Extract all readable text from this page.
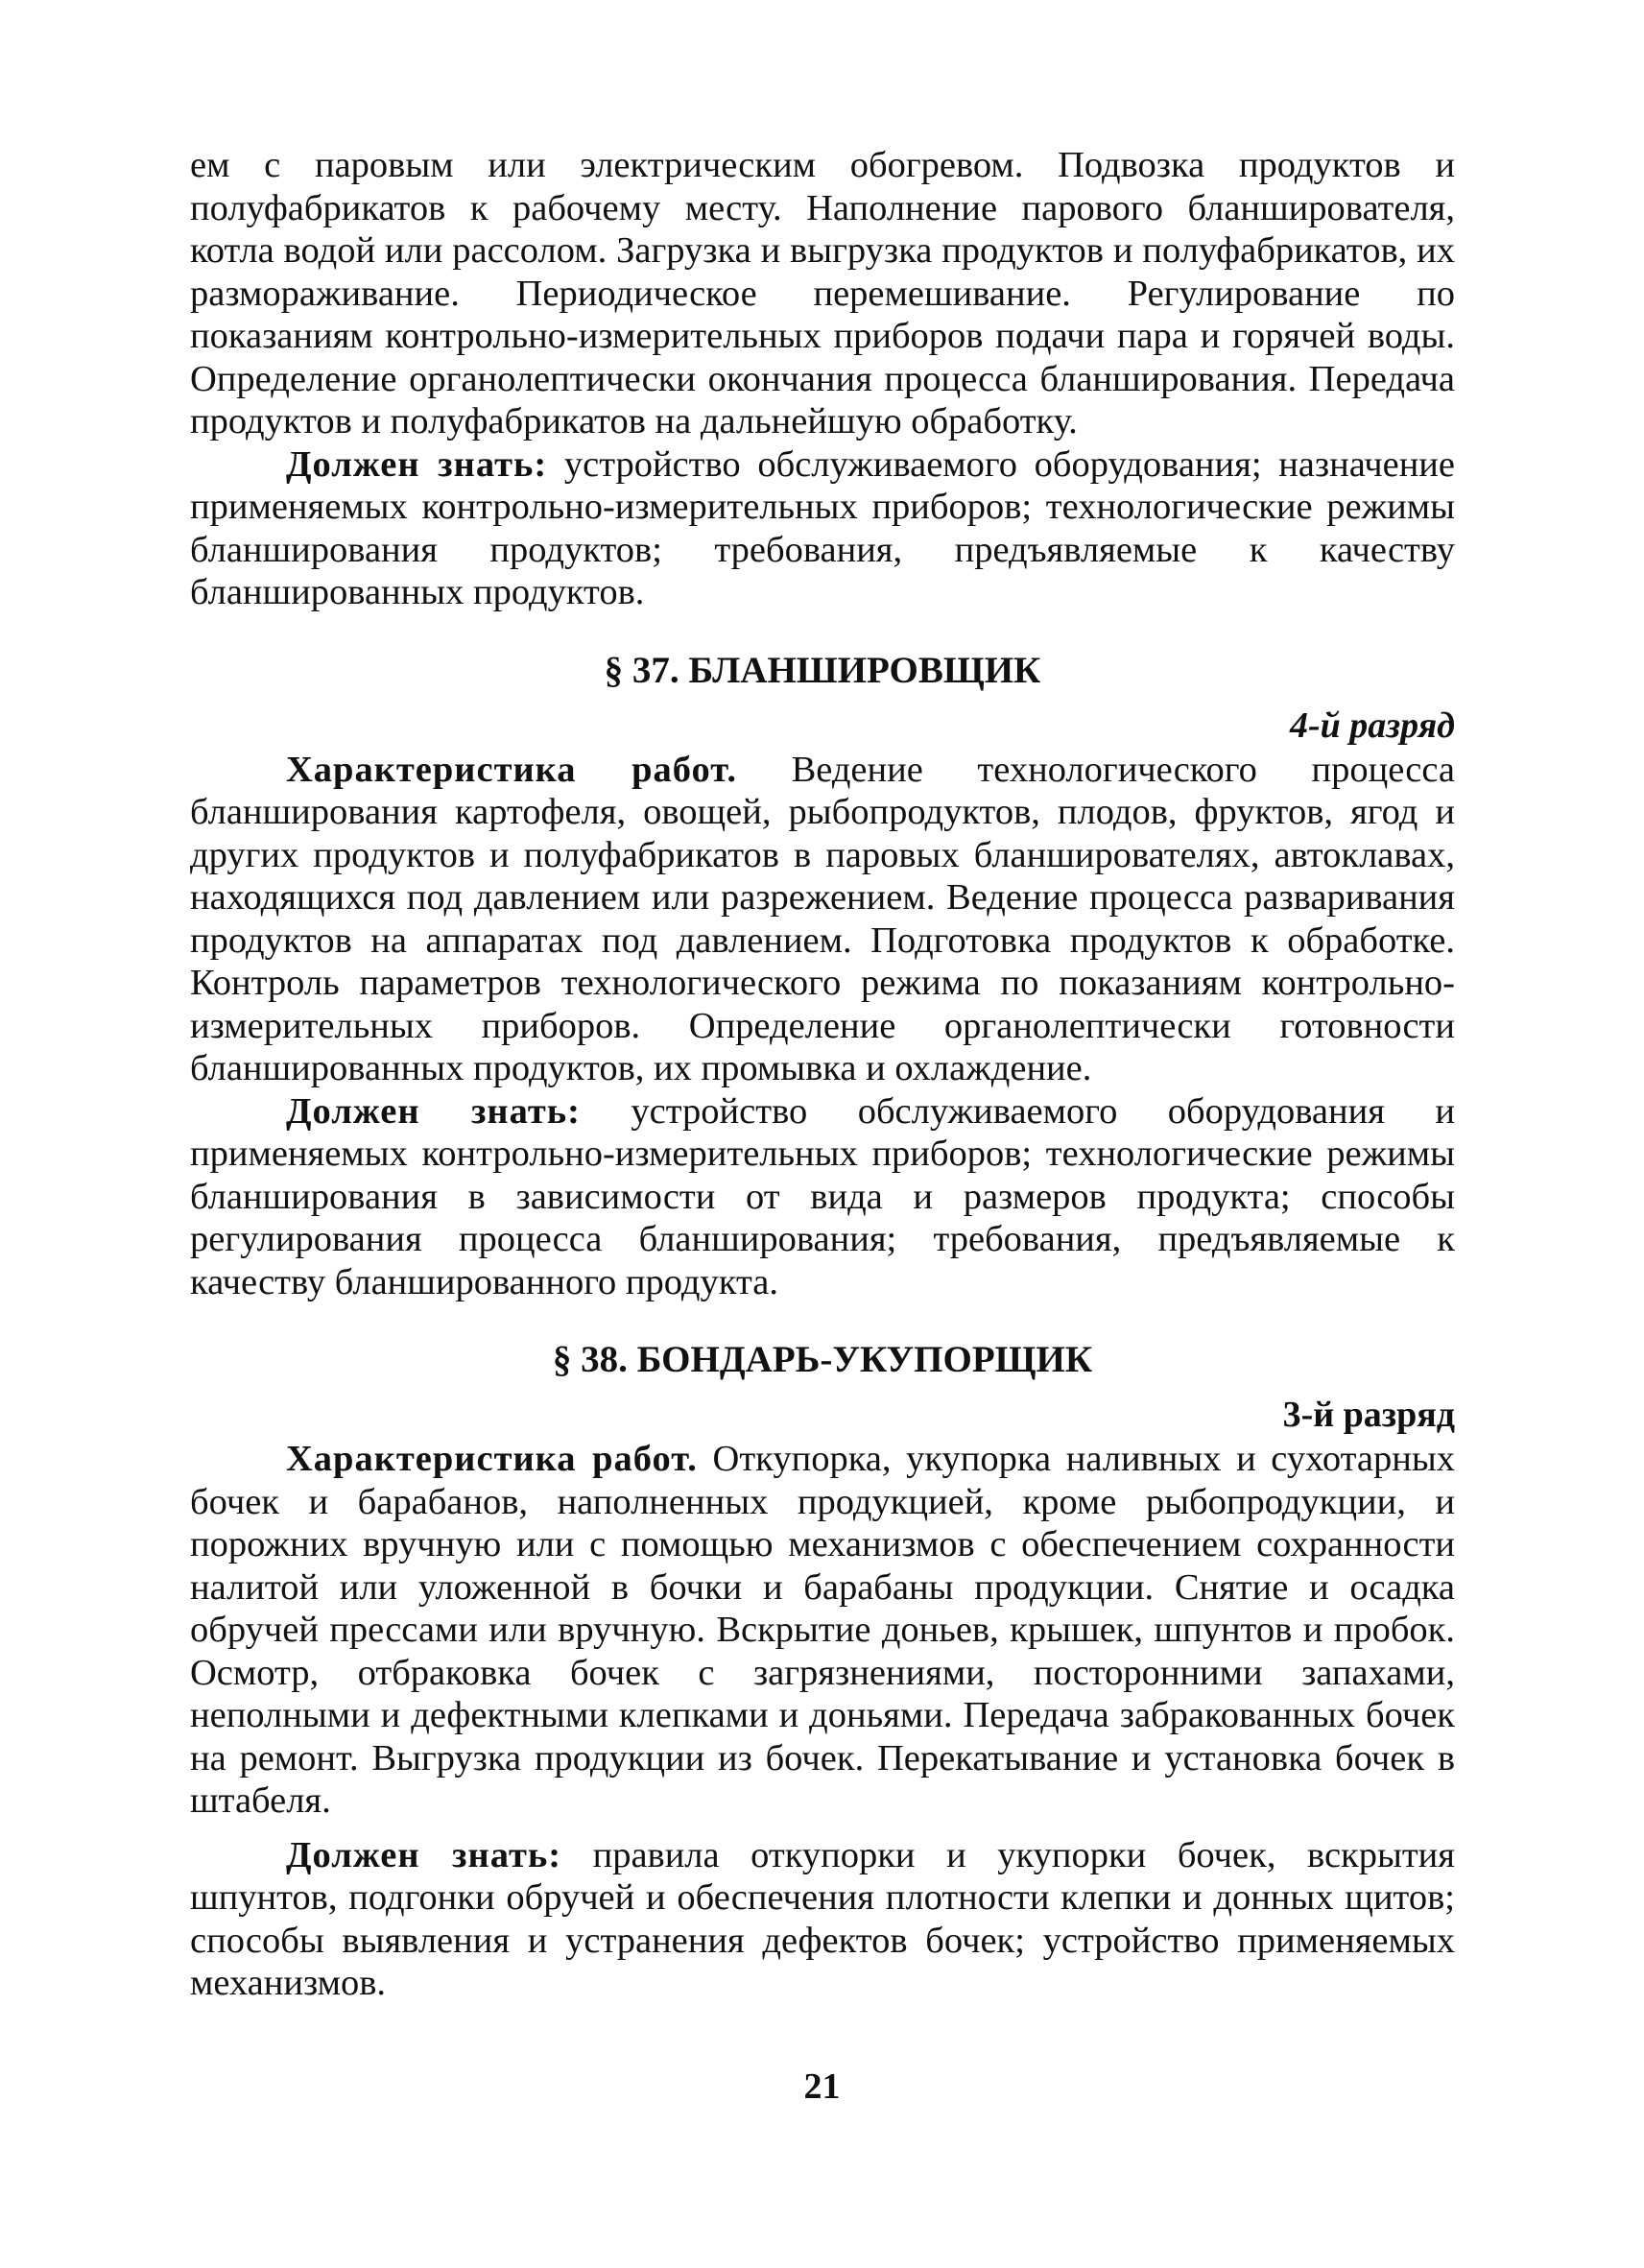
ем с паровым или электрическим обогревом. Подвозка продуктов и полуфабрикатов к рабочему месту. Наполнение парового бланширователя, котла водой или рассолом. Загрузка и выгрузка продуктов и полуфабрикатов, их размораживание. Периодическое перемешивание. Регулирование по показаниям контрольно-измерительных приборов подачи пара и горячей воды. Определение органолептически окончания процесса бланширования. Передача продуктов и полуфабрикатов на дальнейшую обработку.

Должен знать: устройство обслуживаемого оборудования; назначение применяемых контрольно-измерительных приборов; технологические режимы бланширования продуктов; требования, предъявляемые к качеству бланшированных продуктов.

§ 37. БЛАНШИРОВЩИК
4-й разряд

Характеристика работ. Ведение технологического процесса бланширования картофеля, овощей, рыбопродуктов, плодов, фруктов, ягод и других продуктов и полуфабрикатов в паровых бланширователях, автоклавах, находящихся под давлением или разрежением. Ведение процесса разваривания продуктов на аппаратах под давлением. Подготовка продуктов к обработке. Контроль параметров технологического режима по показаниям контрольно-измерительных приборов. Определение органолептически готовности бланшированных продуктов, их промывка и охлаждение.

Должен знать: устройство обслуживаемого оборудования и применяемых контрольно-измерительных приборов; технологические режимы бланширования в зависимости от вида и размеров продукта; способы регулирования процесса бланширования; требования, предъявляемые к качеству бланшированного продукта.

§ 38. БОНДАРЬ-УКУПОРЩИК
3-й разряд

Характеристика работ. Откупорка, укупорка наливных и сухотарных бочек и барабанов, наполненных продукцией, кроме рыбопродукции, и порожних вручную или с помощью механизмов с обеспечением сохранности налитой или уложенной в бочки и барабаны продукции. Снятие и осадка обручей прессами или вручную. Вскрытие доньев, крышек, шпунтов и пробок. Осмотр, отбраковка бочек с загрязнениями, посторонними запахами, неполными и дефектными клепками и доньями. Передача забракованных бочек на ремонт. Выгрузка продукции из бочек. Перекатывание и установка бочек в штабеля.

Должен знать: правила откупорки и укупорки бочек, вскрытия шпунтов, подгонки обручей и обеспечения плотности клепки и донных щитов; способы выявления и устранения дефектов бочек; устройство применяемых механизмов.

21
